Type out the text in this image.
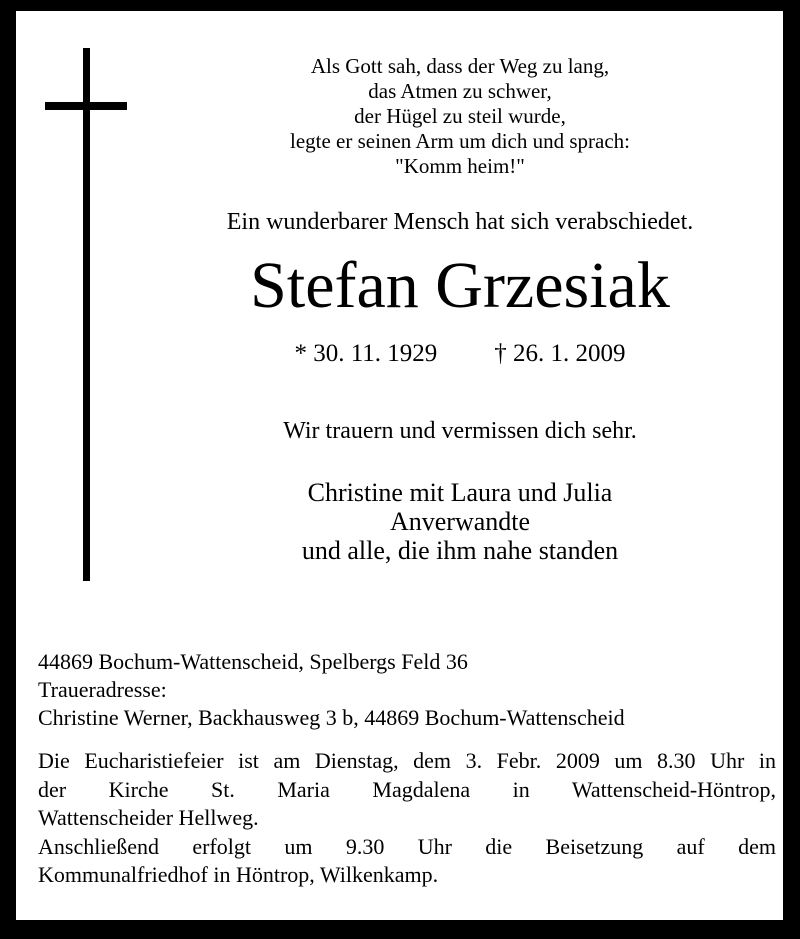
Als Gott sah, dass der Weg zu lang,
das Atmen zu schwer,
der Hügel zu steil wurde,
legte er seinen Arm um dich und sprach:
"Komm heim!"
Ein wunderbarer Mensch hat sich verabschiedet.
Stefan Grzesiak
* 30. 11. 1929 † 26. 1. 2009
Wir trauern und vermissen dich sehr.
Christine mit Laura und Julia
Anverwandte
und alle, die ihm nahe standen
44869 Bochum-Wattenscheid, Spelbergs Feld 36
Traueradresse:
Christine Werner, Backhausweg 3 b, 44869 Bochum-Wattenscheid
Die Eucharistiefeier ist am Dienstag, dem 3. Febr. 2009 um 8.30 Uhr in
der Kirche St. Maria Magdalena in Wattenscheid-Höntrop,
Wattenscheider Hellweg.
Anschließend erfolgt um 9.30 Uhr die Beisetzung auf dem
Kommunalfriedhof in Höntrop, Wilkenkamp.
